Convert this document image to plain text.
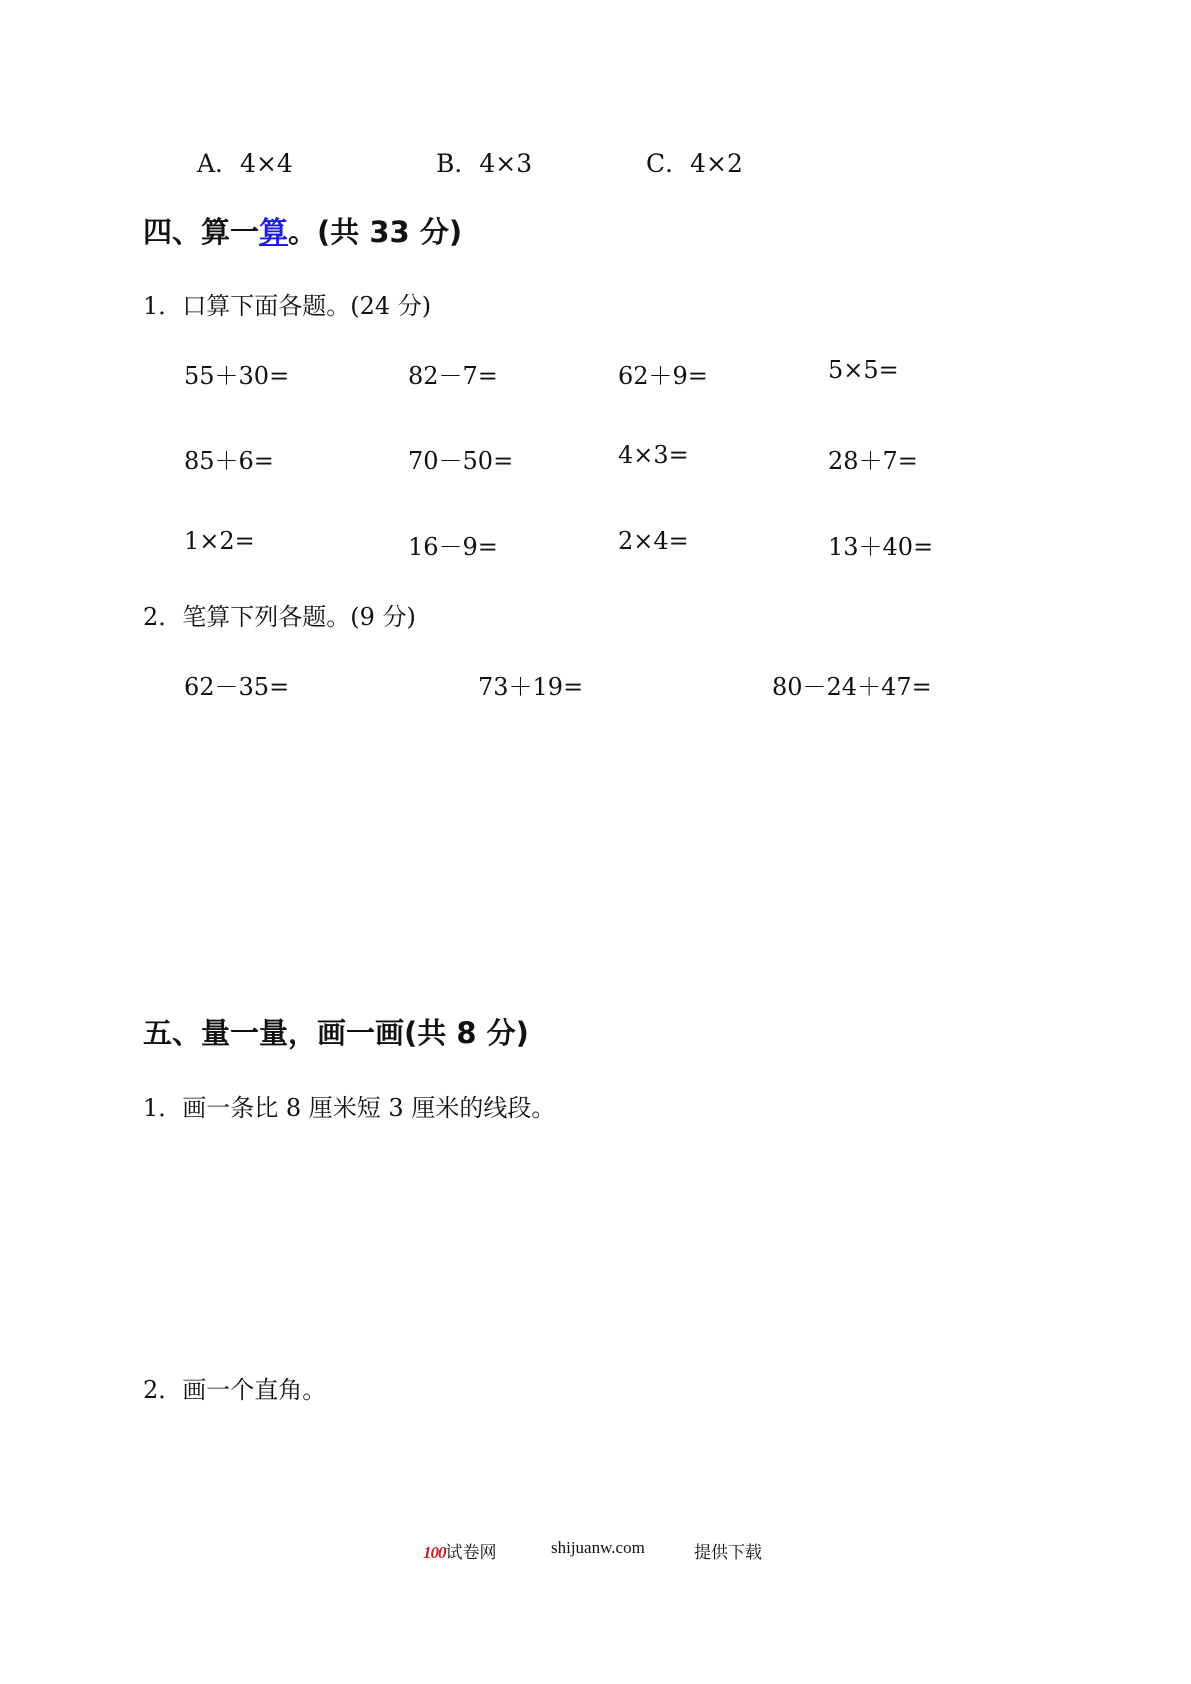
A．4×4	B．4×3	C．4×2
四、算一算。(共 33 分)
1．口算下面各题。(24 分)
55＋30=	82－7=	62＋9=	5×5=
85＋6=	70－50=	4×3=	28＋7=
1×2=	16－9=	2×4=	13＋40=
2．笔算下列各题。(9 分)
62－35=	73＋19=	80－24＋47=
五、量一量，画一画(共 8 分)
1．画一条比 8 厘米短 3 厘米的线段。
2．画一个直角。
100试卷网	shijuanw.com	提供下载
